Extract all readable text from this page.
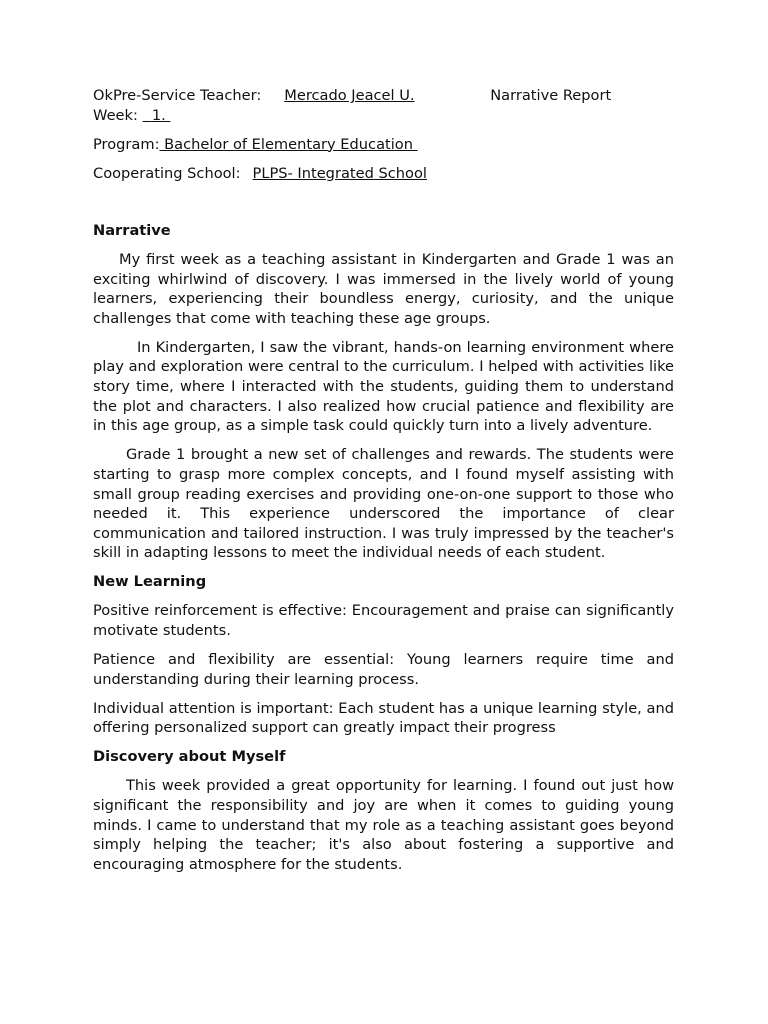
OkPre-Service Teacher: Mercado Jeacel U.	Narrative Report

Week: 1.

Program: Bachelor of Elementary Education

Cooperating School: PLPS- Integrated School

Narrative

My first week as a teaching assistant in Kindergarten and Grade 1 was an exciting whirlwind of discovery. I was immersed in the lively world of young learners, experiencing their boundless energy, curiosity, and the unique challenges that come with teaching these age groups.

In Kindergarten, I saw the vibrant, hands-on learning environment where play and exploration were central to the curriculum. I helped with activities like story time, where I interacted with the students, guiding them to understand the plot and characters. I also realized how crucial patience and flexibility are in this age group, as a simple task could quickly turn into a lively adventure.

Grade 1 brought a new set of challenges and rewards. The students were starting to grasp more complex concepts, and I found myself assisting with small group reading exercises and providing one-on-one support to those who needed it. This experience underscored the importance of clear communication and tailored instruction. I was truly impressed by the teacher's skill in adapting lessons to meet the individual needs of each student.

New Learning

Positive reinforcement is effective: Encouragement and praise can significantly motivate students.

Patience and flexibility are essential: Young learners require time and understanding during their learning process.

Individual attention is important: Each student has a unique learning style, and offering personalized support can greatly impact their progress

Discovery about Myself

This week provided a great opportunity for learning. I found out just how significant the responsibility and joy are when it comes to guiding young minds. I came to understand that my role as a teaching assistant goes beyond simply helping the teacher; it's also about fostering a supportive and encouraging atmosphere for the students.
